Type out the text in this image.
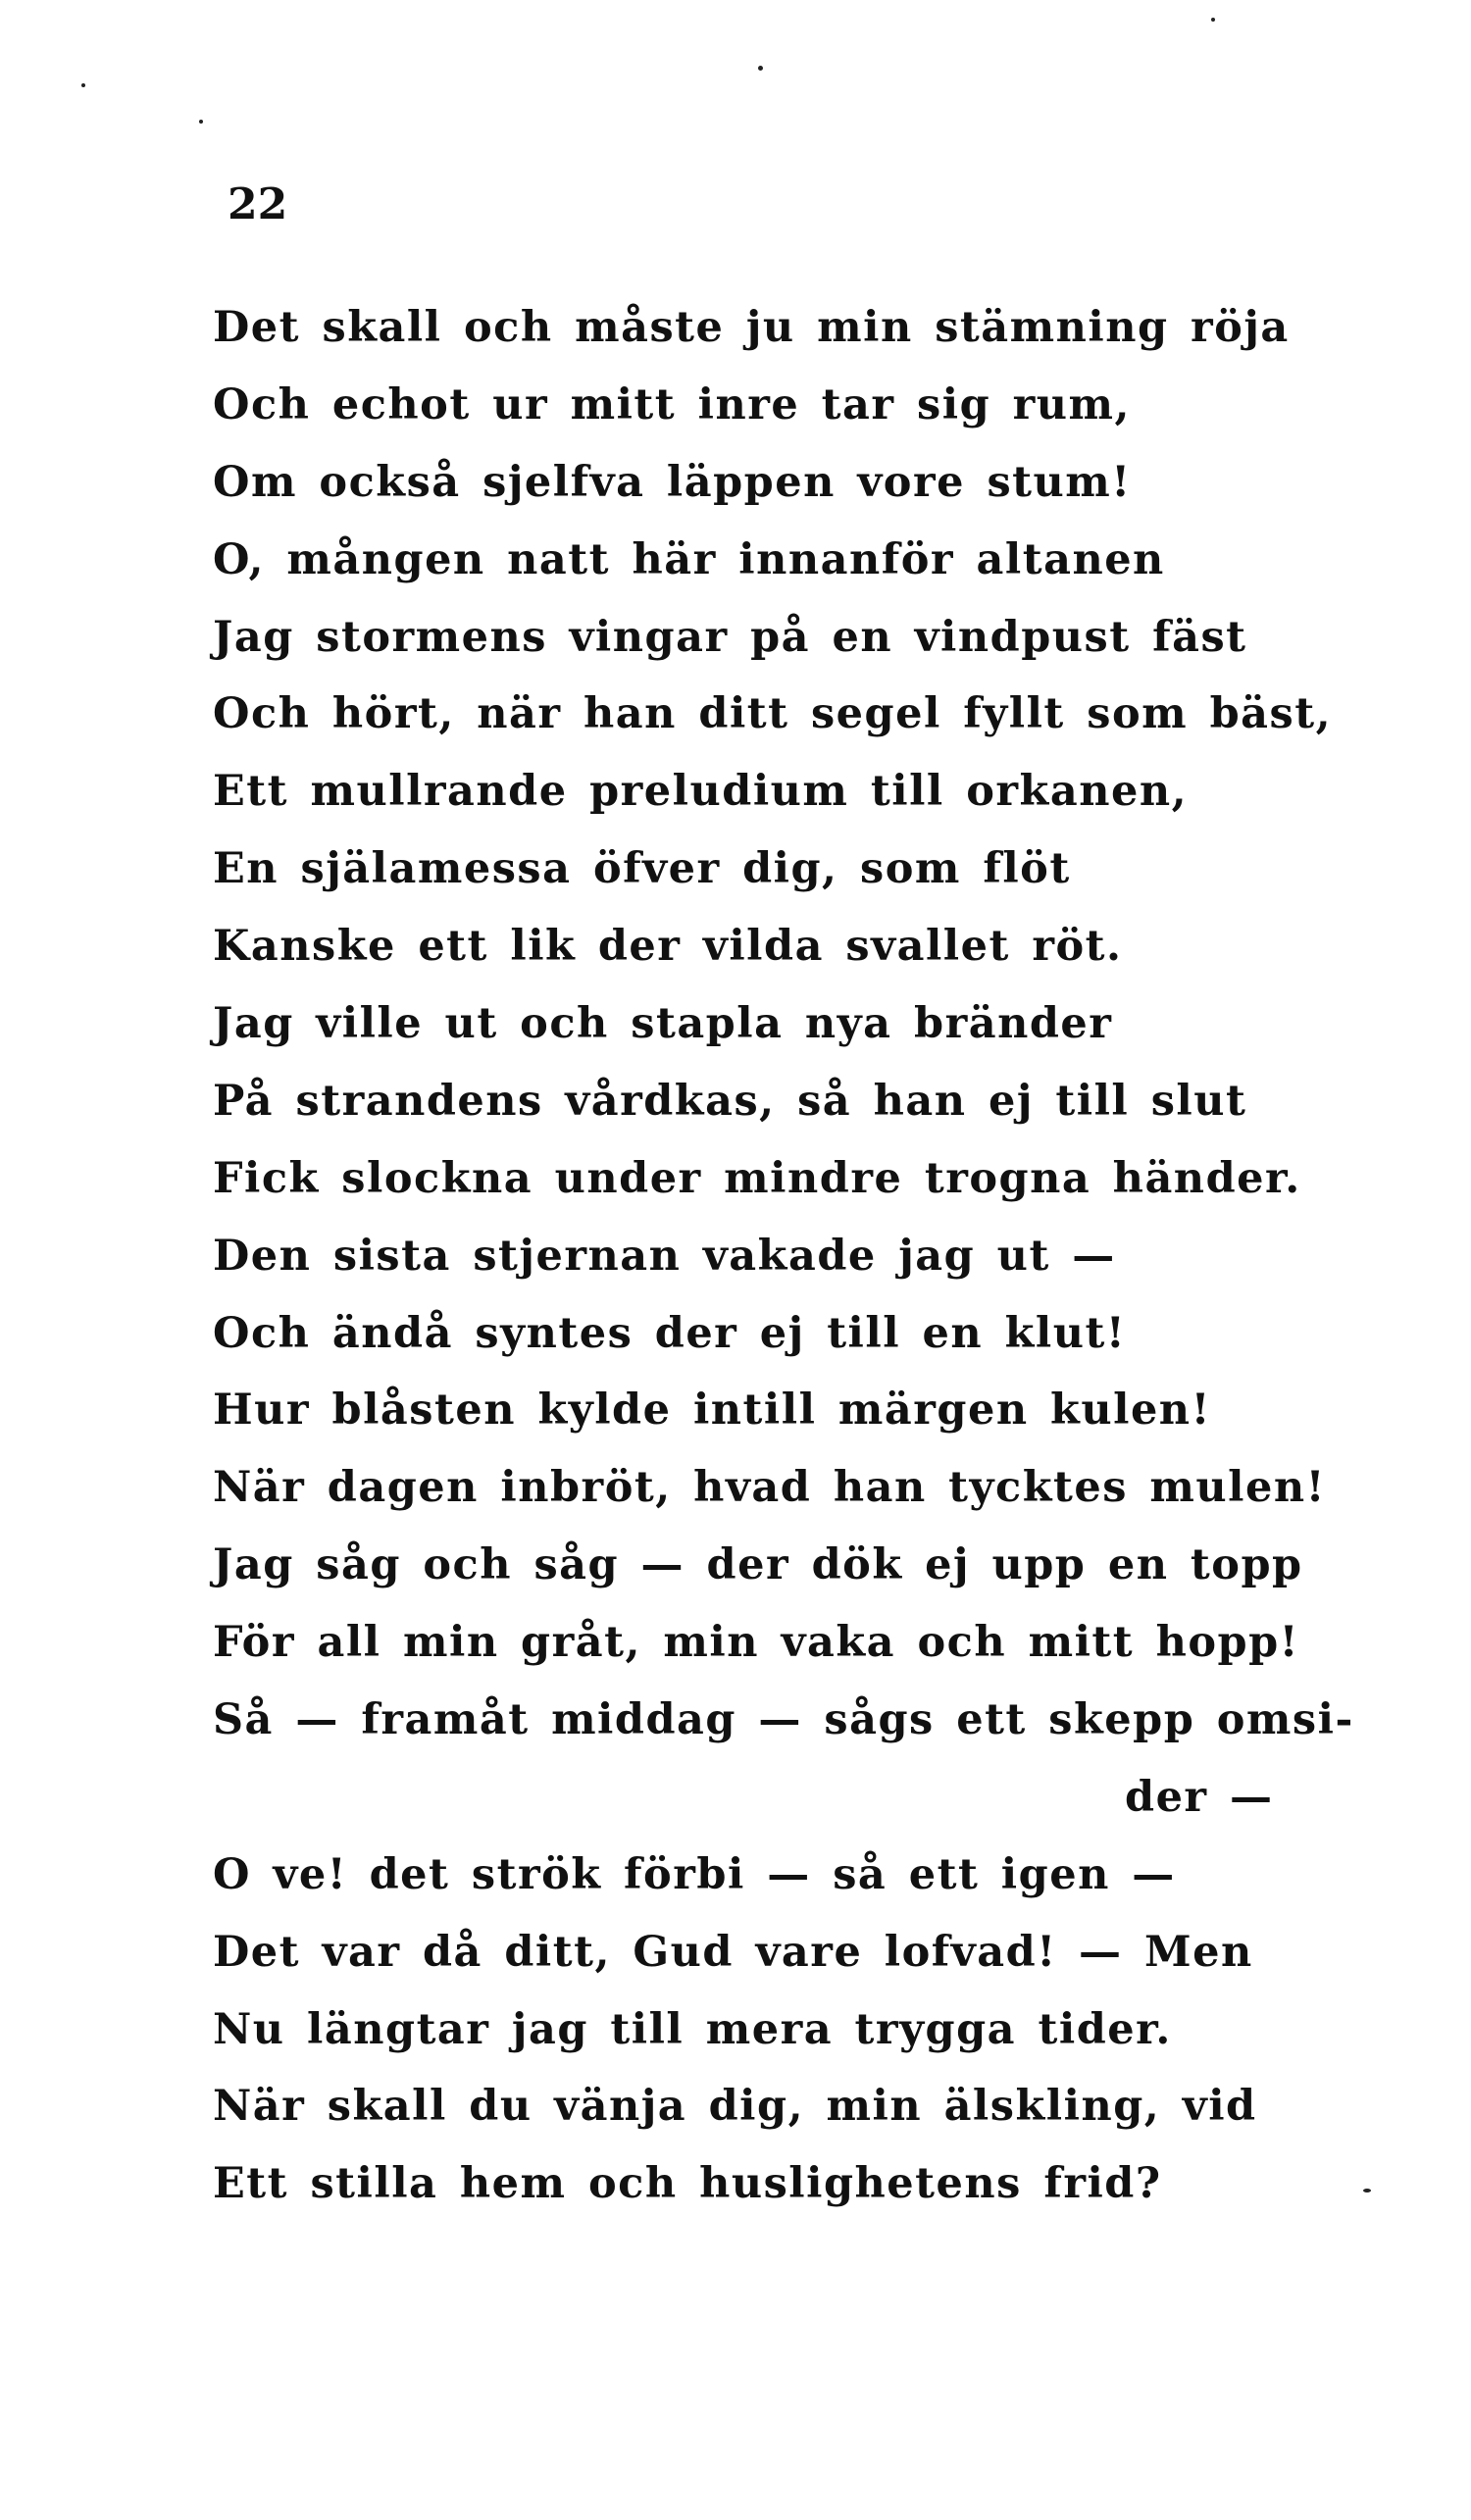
22
Det skall och måste ju min stämning röja
Och echot ur mitt inre tar sig rum,
Om också sjelfva läppen vore stum!
O, mången natt här innanför altanen
Jag stormens vingar på en vindpust fäst
Och hört, när han ditt segel fyllt som bäst,
Ett mullrande preludium till orkanen,
En själamessa öfver dig, som flöt
Kanske ett lik der vilda svallet röt.
Jag ville ut och stapla nya bränder
På strandens vårdkas, så han ej till slut
Fick slockna under mindre trogna händer.
Den sista stjernan vakade jag ut —
Och ändå syntes der ej till en klut!
Hur blåsten kylde intill märgen kulen!
När dagen inbröt, hvad han tycktes mulen!
Jag såg och såg — der dök ej upp en topp
För all min gråt, min vaka och mitt hopp!
Så — framåt middag — sågs ett skepp omsi-
der —
O ve! det strök förbi — så ett igen —
Det var då ditt, Gud vare lofvad! — Men
Nu längtar jag till mera trygga tider.
När skall du vänja dig, min älskling, vid
Ett stilla hem och huslighetens frid?
